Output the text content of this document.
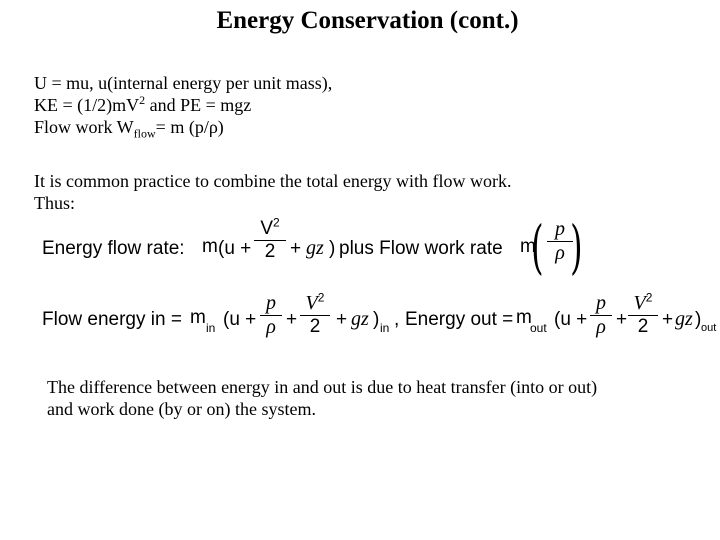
Energy Conservation (cont.)
U = mu, u(internal energy per unit mass),
KE = $(1/2)mV^2$ and PE = mgz
Flow work $W_{flow}= m$ (p/ρ)
It is common practice to combine the total energy with flow work.
Thus:
Energy flow rate: m (u +
$V^2$
2 + gz ) plus Flow work rate m
( p
ρ )
Flow energy in = m in (u +
p
ρ +
$V^2$
2 + gz ) in , Energy out = m
out (u +
p
ρ +
$V^2$
2 + gz ) out
The difference between energy in and out is due to heat transfer (into or out)
and work done (by or on) the system.
